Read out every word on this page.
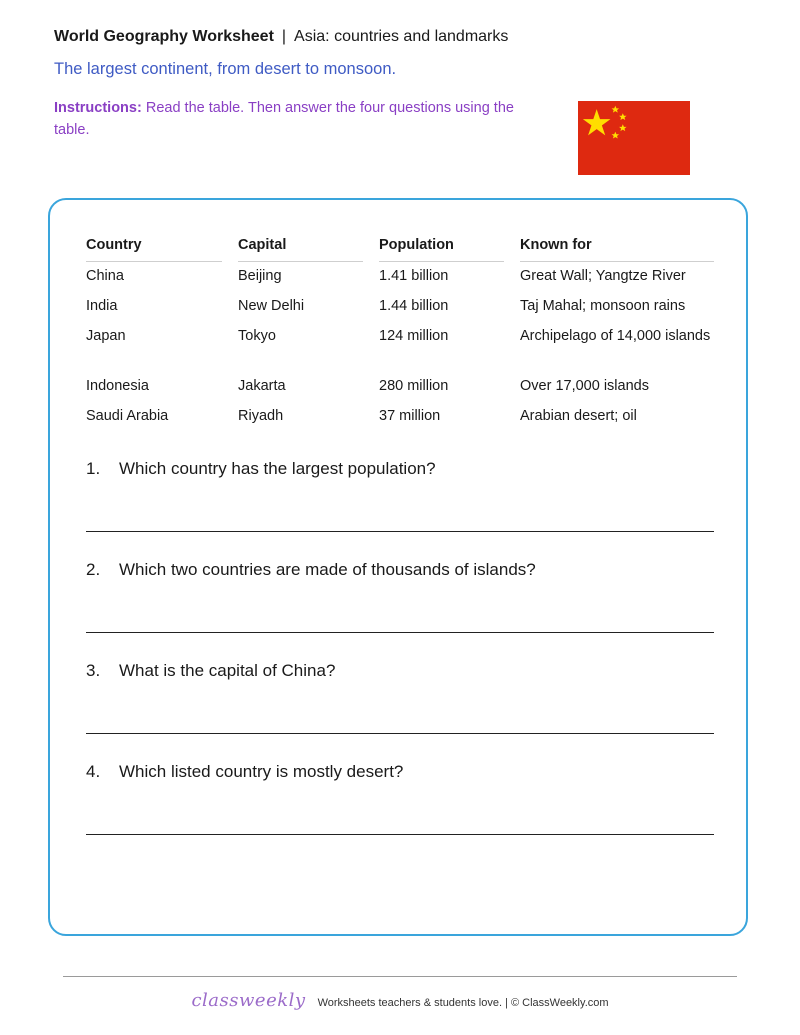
World Geography Worksheet | Asia: countries and landmarks
The largest continent, from desert to monsoon.
Instructions: Read the table. Then answer the four questions using the table.
Country	Capital	Population	Known for
China	Beijing	1.41 billion	Great Wall; Yangtze River
India	New Delhi	1.44 billion	Taj Mahal; monsoon rains
Japan	Tokyo	124 million	Archipelago of 14,000 islands
Indonesia	Jakarta	280 million	Over 17,000 islands
Saudi Arabia	Riyadh	37 million	Arabian desert; oil
1. Which country has the largest population?
2. Which two countries are made of thousands of islands?
3. What is the capital of China?
4. Which listed country is mostly desert?
classweekly Worksheets teachers & students love. | © ClassWeekly.com
